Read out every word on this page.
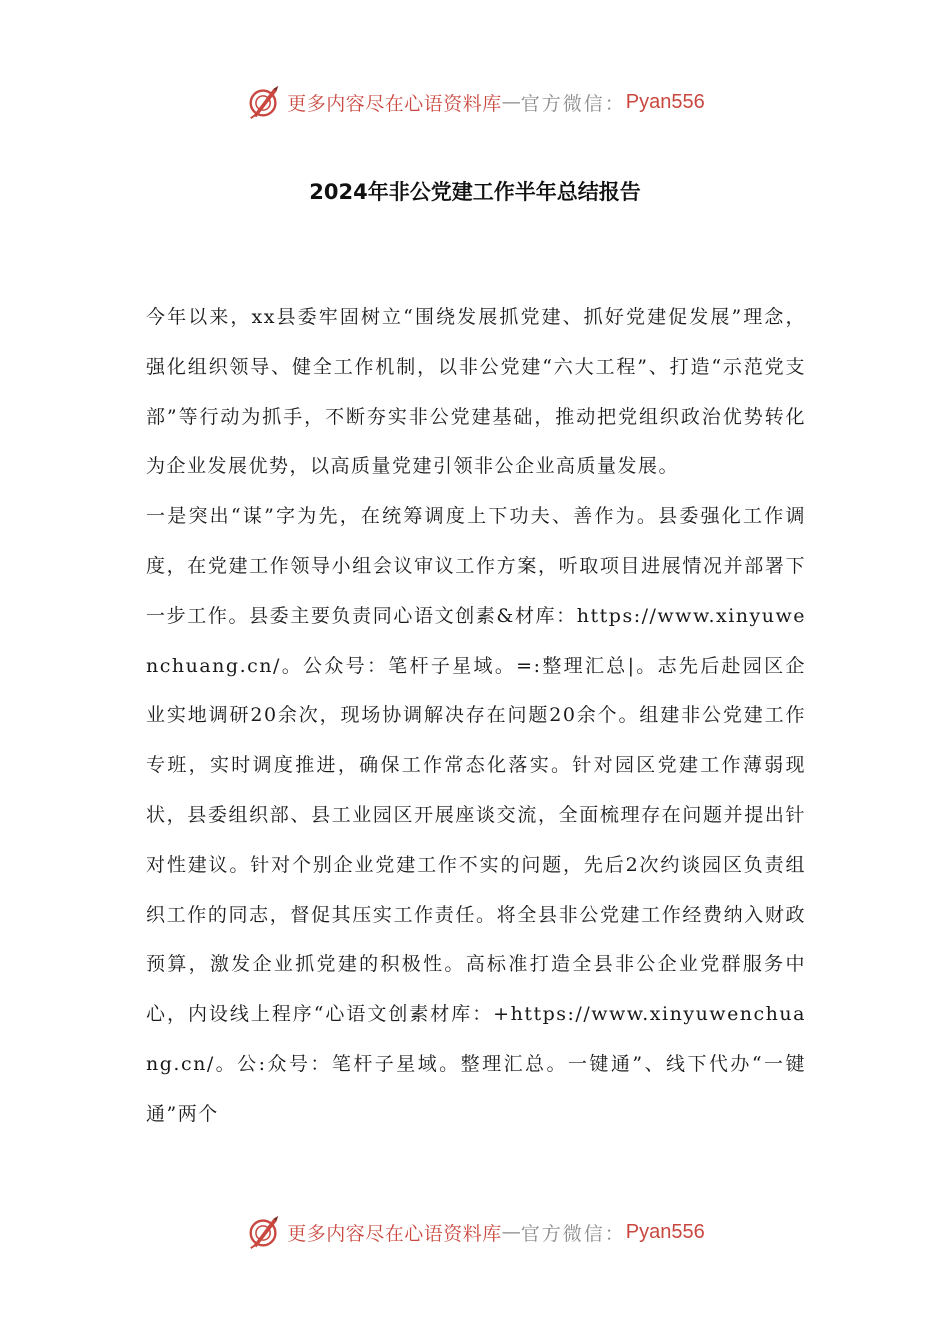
更多内容尽在心语资料库 — 官方微信： Pyan556
2024年非公党建工作半年总结报告

今年以来，xx县委牢固树立“围绕发展抓党建、抓好党建促发展”理念，强化组织领导、健全工作机制，以非公党建“六大工程”、打造“示范党支部”等行动为抓手，不断夯实非公党建基础，推动把党组织政治优势转化为企业发展优势，以高质量党建引领非公企业高质量发展。

一是突出“谋”字为先，在统筹调度上下功夫、善作为。县委强化工作调度，在党建工作领导小组会议审议工作方案，听取项目进展情况并部署下一步工作。县委主要负责同心语文创素&材库：https://www.xinyuwenchuang.cn/。公众号：笔杆子星域。=:整理汇总|。志先后赴园区企业实地调研20余次，现场协调解决存在问题20余个。组建非公党建工作专班，实时调度推进，确保工作常态化落实。针对园区党建工作薄弱现状，县委组织部、县工业园区开展座谈交流，全面梳理存在问题并提出针对性建议。针对个别企业党建工作不实的问题，先后2次约谈园区负责组织工作的同志，督促其压实工作责任。将全县非公党建工作经费纳入财政预算，激发企业抓党建的积极性。高标准打造全县非公企业党群服务中心，内设线上程序“心语文创素材库：+https://www.xinyuwenchuang.cn/。公:众号：笔杆子星域。整理汇总。一键通”、线下代办“一键通”两个

更多内容尽在心语资料库 — 官方微信： Pyan556
